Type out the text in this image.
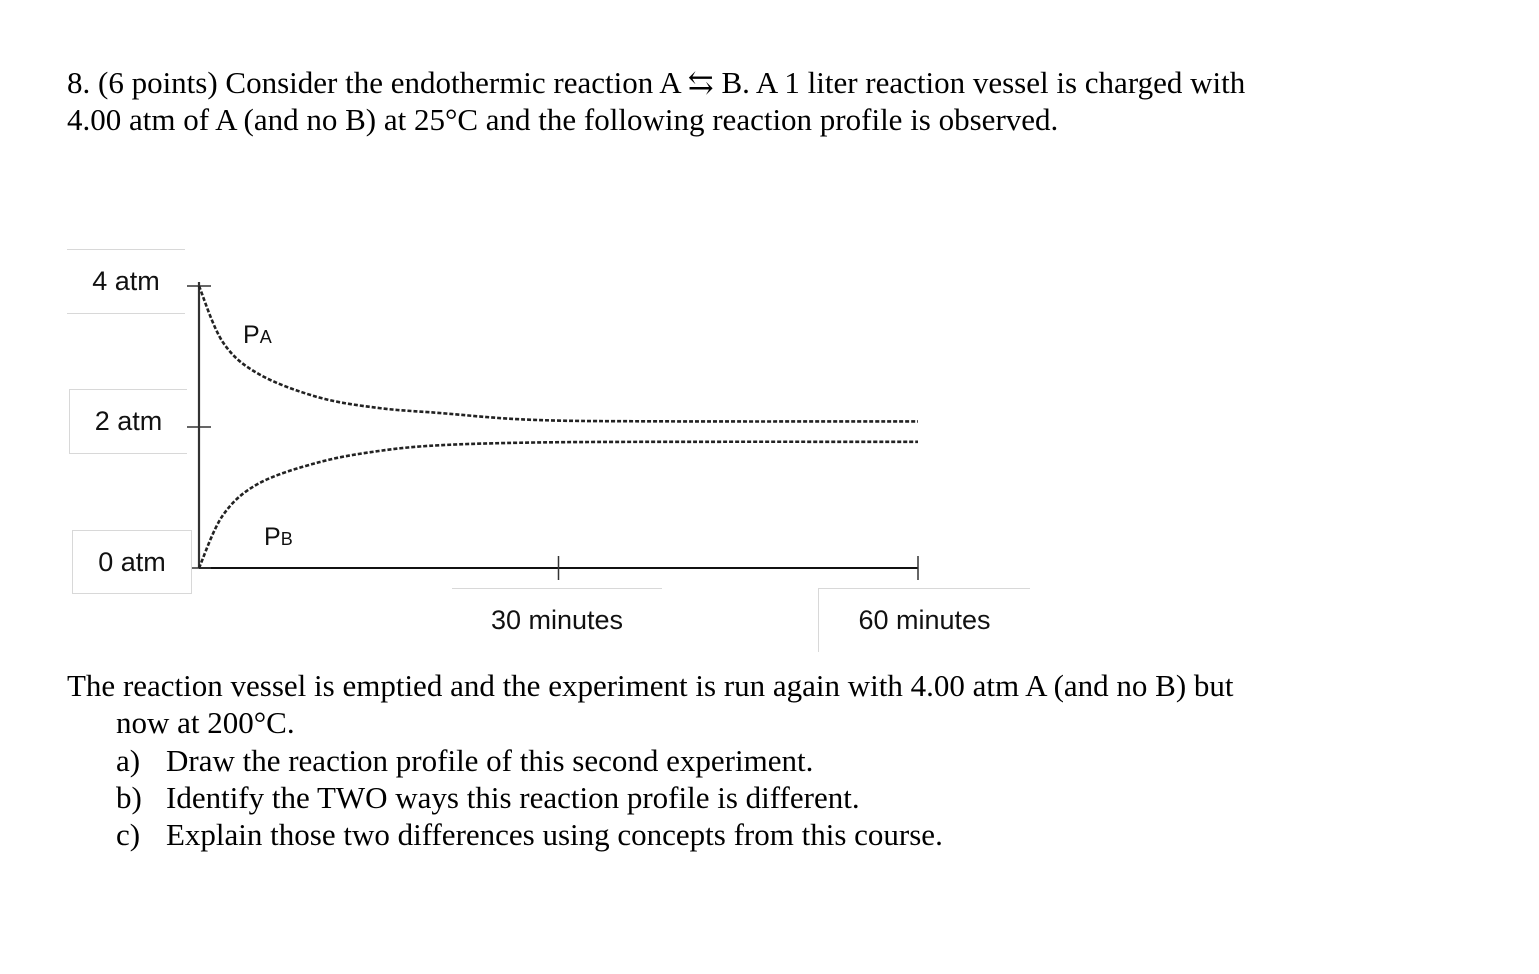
8. (6 points) Consider the endothermic reaction A ⇆ B. A 1 liter reaction vessel is charged with
4.00 atm of A (and no B) at 25°C and the following reaction profile is observed.
PA
PB
4 atm
2 atm
0 atm
30 minutes	60 minutes
The reaction vessel is emptied and the experiment is run again with 4.00 atm A (and no B) but
now at 200°C.
a) Draw the reaction profile of this second experiment.
b) Identify the TWO ways this reaction profile is different.
c) Explain those two differences using concepts from this course.
